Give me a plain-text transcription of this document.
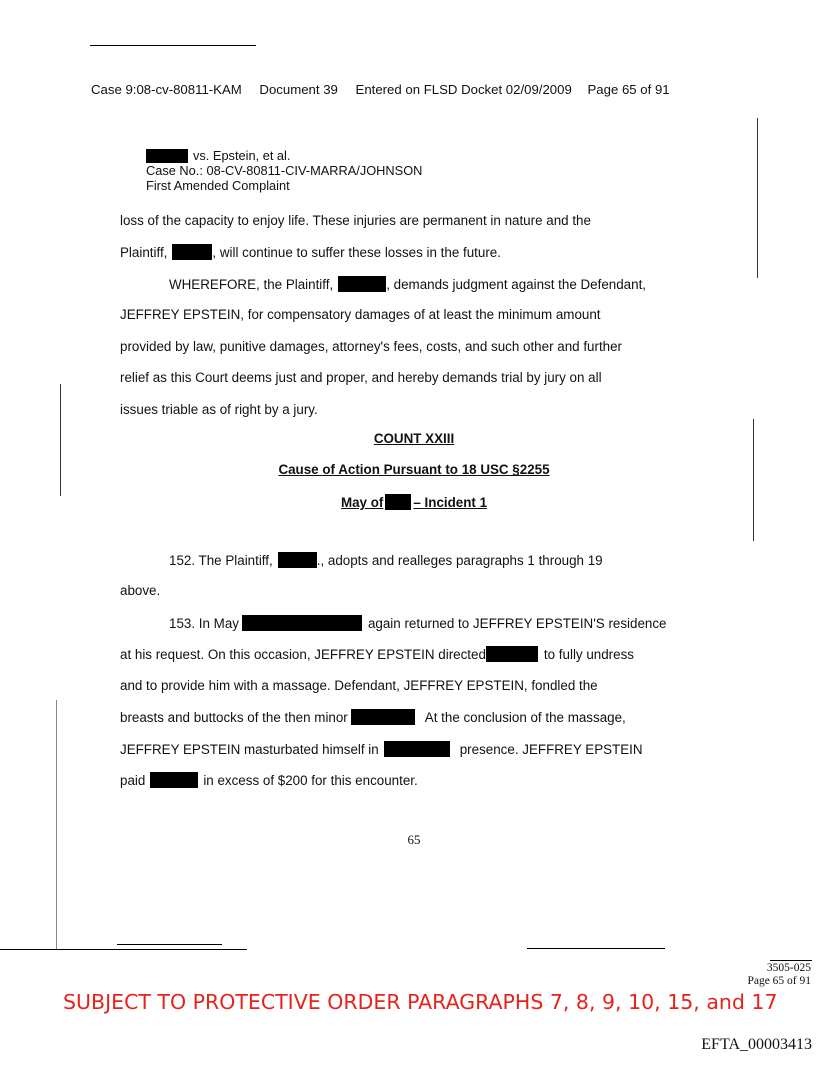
Case 9:08-cv-80811-KAM Document 39 Entered on FLSD Docket 02/09/2009 Page 65 of 91
vs. Epstein, et al.
Case No.: 08-CV-80811-CIV-MARRA/JOHNSON
First Amended Complaint
loss of the capacity to enjoy life. These injuries are permanent in nature and the
Plaintiff,	, will continue to suffer these losses in the future.
WHEREFORE, the Plaintiff,	, demands judgment against the Defendant,
JEFFREY EPSTEIN, for compensatory damages of at least the minimum amount
provided by law, punitive damages, attorney's fees, costs, and such other and further
relief as this Court deems just and proper, and hereby demands trial by jury on all
issues triable as of right by a jury.
COUNT XXIII
Cause of Action Pursuant to 18 USC §2255
May of – Incident 1
152. The Plaintiff,	., adopts and realleges paragraphs 1 through 19
above.
153. In May	again returned to JEFFREY EPSTEIN'S residence
at his request. On this occasion, JEFFREY EPSTEIN directed	to fully undress
and to provide him with a massage. Defendant, JEFFREY EPSTEIN, fondled the
breasts and buttocks of the then minor	At the conclusion of the massage,
JEFFREY EPSTEIN masturbated himself in	presence. JEFFREY EPSTEIN
paid	in excess of $200 for this encounter.
65
3505-025
Page 65 of 91
SUBJECT TO PROTECTIVE ORDER PARAGRAPHS 7, 8, 9, 10, 15, and 17
EFTA_00003413
